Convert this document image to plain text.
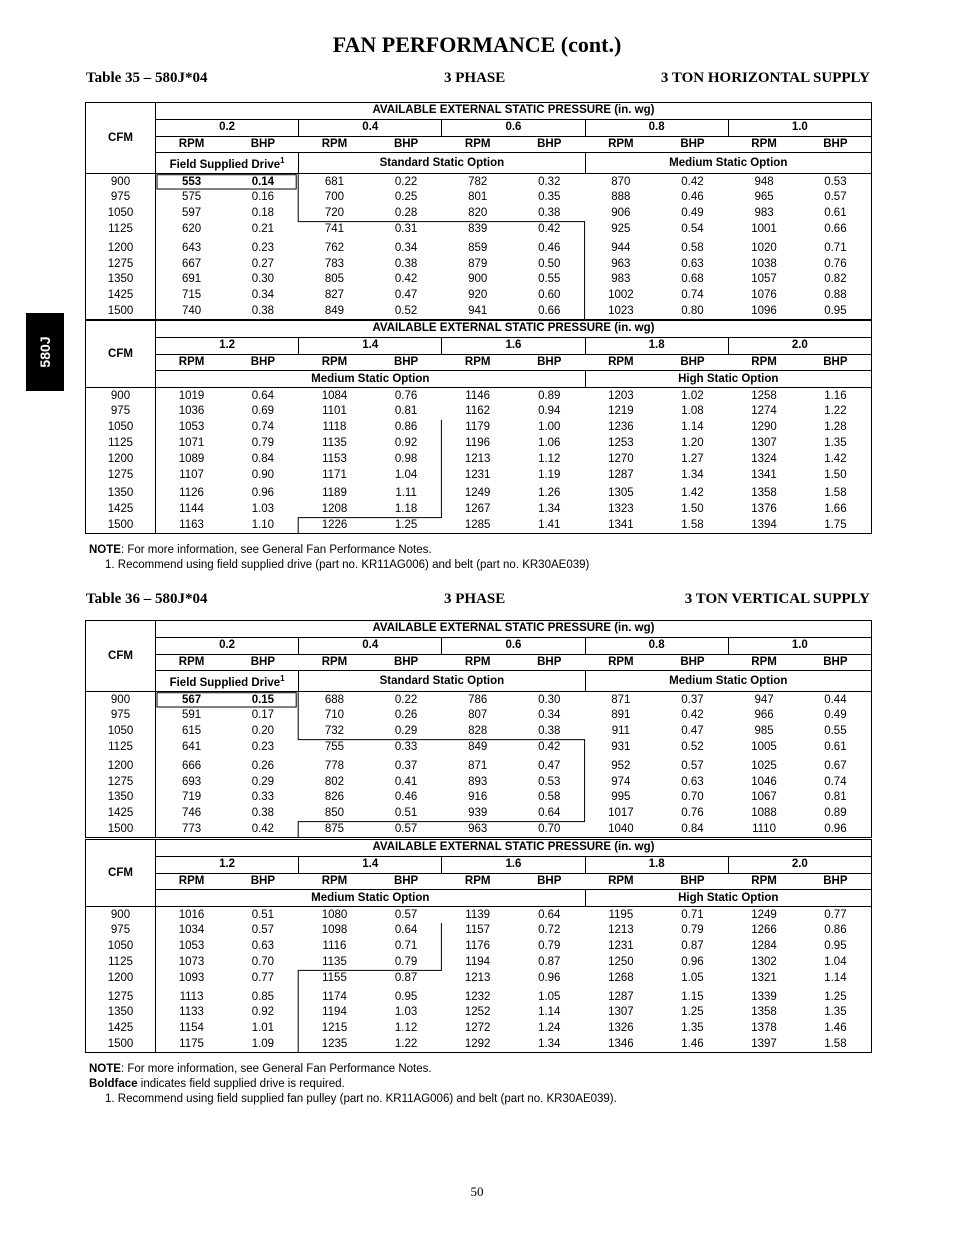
FAN PERFORMANCE (cont.)
580J
Table 35 – 580J*04	3 PHASE	3 TON HORIZONTAL SUPPLY
Table 36 – 580J*04	3 PHASE	3 TON VERTICAL SUPPLY
50
CFM	AVAILABLE EXTERNAL STATIC PRESSURE (in. wg)									
	0.2		0.4		0.6		0.8		1.0	
	RPM	BHP	RPM	BHP	RPM	BHP	RPM	BHP	RPM	BHP
	Field Supplied Drive$^1$		Standard Static Option				Medium Static Option			
900	553	0.14	681	0.22	782	0.32	870	0.42	948	0.53
975	575	0.16	700	0.25	801	0.35	888	0.46	965	0.57
1050	597	0.18	720	0.28	820	0.38	906	0.49	983	0.61
1125	620	0.21	741	0.31	839	0.42	925	0.54	1001	0.66
1200	643	0.23	762	0.34	859	0.46	944	0.58	1020	0.71
1275	667	0.27	783	0.38	879	0.50	963	0.63	1038	0.76
1350	691	0.30	805	0.42	900	0.55	983	0.68	1057	0.82
1425	715	0.34	827	0.47	920	0.60	1002	0.74	1076	0.88
1500	740	0.38	849	0.52	941	0.66	1023	0.80	1096	0.95
CFM	AVAILABLE EXTERNAL STATIC PRESSURE (in. wg)									
	1.2		1.4		1.6		1.8		2.0	
	RPM	BHP	RPM	BHP	RPM	BHP	RPM	BHP	RPM	BHP
	Medium Static Option						High Static Option			
900	1019	0.64	1084	0.76	1146	0.89	1203	1.02	1258	1.16
975	1036	0.69	1101	0.81	1162	0.94	1219	1.08	1274	1.22
1050	1053	0.74	1118	0.86	1179	1.00	1236	1.14	1290	1.28
1125	1071	0.79	1135	0.92	1196	1.06	1253	1.20	1307	1.35
1200	1089	0.84	1153	0.98	1213	1.12	1270	1.27	1324	1.42
1275	1107	0.90	1171	1.04	1231	1.19	1287	1.34	1341	1.50
1350	1126	0.96	1189	1.11	1249	1.26	1305	1.42	1358	1.58
1425	1144	1.03	1208	1.18	1267	1.34	1323	1.50	1376	1.66
1500	1163	1.10	1226	1.25	1285	1.41	1341	1.58	1394	1.75
NOTE: For more information, see General Fan Performance Notes.
1. Recommend using field supplied drive (part no. KR11AG006) and belt (part no. KR30AE039)
CFM	AVAILABLE EXTERNAL STATIC PRESSURE (in. wg)									
	0.2		0.4		0.6		0.8		1.0	
	RPM	BHP	RPM	BHP	RPM	BHP	RPM	BHP	RPM	BHP
	Field Supplied Drive$^1$		Standard Static Option				Medium Static Option			
900	567	0.15	688	0.22	786	0.30	871	0.37	947	0.44
975	591	0.17	710	0.26	807	0.34	891	0.42	966	0.49
1050	615	0.20	732	0.29	828	0.38	911	0.47	985	0.55
1125	641	0.23	755	0.33	849	0.42	931	0.52	1005	0.61
1200	666	0.26	778	0.37	871	0.47	952	0.57	1025	0.67
1275	693	0.29	802	0.41	893	0.53	974	0.63	1046	0.74
1350	719	0.33	826	0.46	916	0.58	995	0.70	1067	0.81
1425	746	0.38	850	0.51	939	0.64	1017	0.76	1088	0.89
1500	773	0.42	875	0.57	963	0.70	1040	0.84	1110	0.96
CFM	AVAILABLE EXTERNAL STATIC PRESSURE (in. wg)									
	1.2		1.4		1.6		1.8		2.0	
	RPM	BHP	RPM	BHP	RPM	BHP	RPM	BHP	RPM	BHP
	Medium Static Option						High Static Option			
900	1016	0.51	1080	0.57	1139	0.64	1195	0.71	1249	0.77
975	1034	0.57	1098	0.64	1157	0.72	1213	0.79	1266	0.86
1050	1053	0.63	1116	0.71	1176	0.79	1231	0.87	1284	0.95
1125	1073	0.70	1135	0.79	1194	0.87	1250	0.96	1302	1.04
1200	1093	0.77	1155	0.87	1213	0.96	1268	1.05	1321	1.14
1275	1113	0.85	1174	0.95	1232	1.05	1287	1.15	1339	1.25
1350	1133	0.92	1194	1.03	1252	1.14	1307	1.25	1358	1.35
1425	1154	1.01	1215	1.12	1272	1.24	1326	1.35	1378	1.46
1500	1175	1.09	1235	1.22	1292	1.34	1346	1.46	1397	1.58
NOTE: For more information, see General Fan Performance Notes.
Boldface indicates field supplied drive is required.
1. Recommend using field supplied fan pulley (part no. KR11AG006) and belt (part no. KR30AE039).
